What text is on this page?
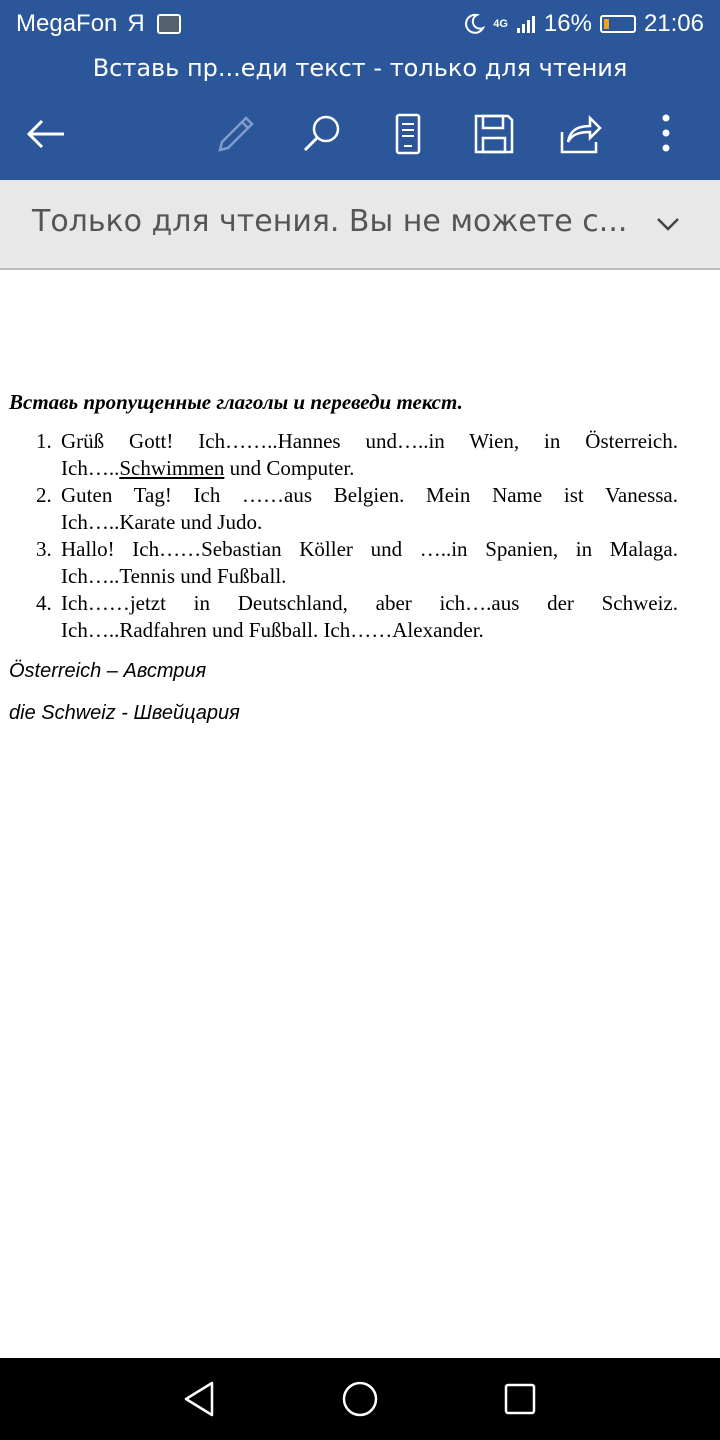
MegaFon Я	4G 16% 21:06
Вставь пр...еди текст - только для чтения
Только для чтения. Вы не можете с...
Вставь пропущенные глаголы и переведи текст.
1. Grüß Gott! Ich……..Hannes und…..in Wien, in Österreich.
Ich…..Schwimmen und Computer.
2. Guten Tag! Ich ……aus Belgien. Mein Name ist Vanessa.
Ich…..Karate und Judo.
3. Hallo! Ich……Sebastian Köller und …..in Spanien, in Malaga.
Ich…..Tennis und Fußball.
4. Ich……jetzt in Deutschland, aber ich….aus der Schweiz.
Ich…..Radfahren und Fußball. Ich……Alexander.
Österreich – Австрия
die Schweiz - Швейцария
